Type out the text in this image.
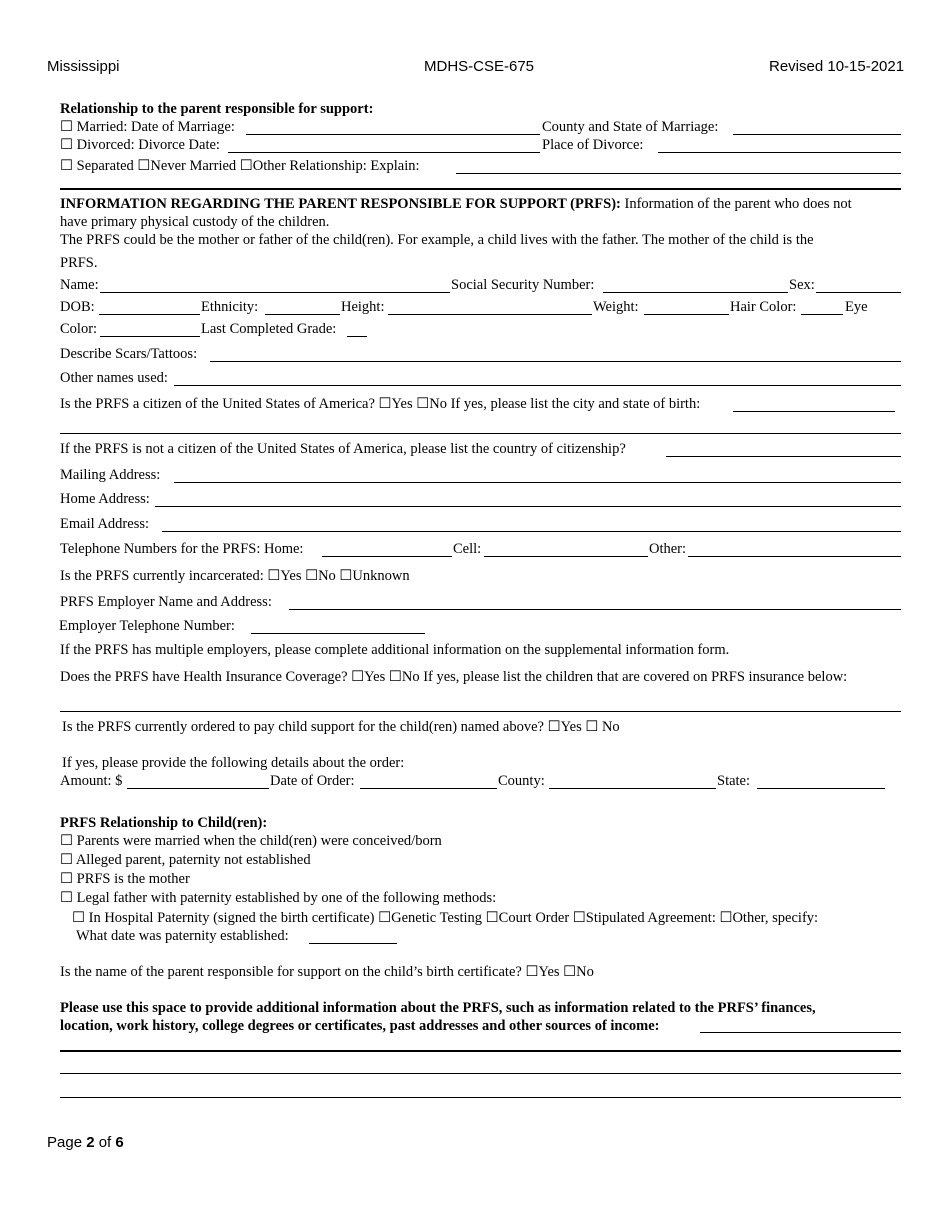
Mississippi	MDHS-CSE-675	Revised 10-15-2021
Relationship to the parent responsible for support:
☐ Married: Date of Marriage:	County and State of Marriage:
☐ Divorced: Divorce Date:	Place of Divorce:
☐ Separated ☐Never Married ☐Other Relationship: Explain:
INFORMATION REGARDING THE PARENT RESPONSIBLE FOR SUPPORT (PRFS): Information of the parent who does not
have primary physical custody of the children.
The PRFS could be the mother or father of the child(ren). For example, a child lives with the father. The mother of the child is the
PRFS.
Name:	Social Security Number:	Sex:
DOB:	Ethnicity:	Height:	Weight:	Hair Color:	Eye
Color:	Last Completed Grade:
Describe Scars/Tattoos:
Other names used:
Is the PRFS a citizen of the United States of America? ☐Yes ☐No If yes, please list the city and state of birth:
If the PRFS is not a citizen of the United States of America, please list the country of citizenship?
Mailing Address:
Home Address:
Email Address:
Telephone Numbers for the PRFS: Home:	Cell:	Other:
Is the PRFS currently incarcerated: ☐Yes ☐No ☐Unknown
PRFS Employer Name and Address:
Employer Telephone Number:
If the PRFS has multiple employers, please complete additional information on the supplemental information form.
Does the PRFS have Health Insurance Coverage? ☐Yes ☐No If yes, please list the children that are covered on PRFS insurance below:
Is the PRFS currently ordered to pay child support for the child(ren) named above? ☐Yes ☐ No
If yes, please provide the following details about the order:
Amount: $	Date of Order:	County:	State:
PRFS Relationship to Child(ren):
☐ Parents were married when the child(ren) were conceived/born
☐ Alleged parent, paternity not established
☐ PRFS is the mother
☐ Legal father with paternity established by one of the following methods:
☐ In Hospital Paternity (signed the birth certificate) ☐Genetic Testing ☐Court Order ☐Stipulated Agreement: ☐Other, specify:
What date was paternity established:
Is the name of the parent responsible for support on the child’s birth certificate? ☐Yes ☐No
Please use this space to provide additional information about the PRFS, such as information related to the PRFS’ finances,
location, work history, college degrees or certificates, past addresses and other sources of income:
Page 2 of 6
